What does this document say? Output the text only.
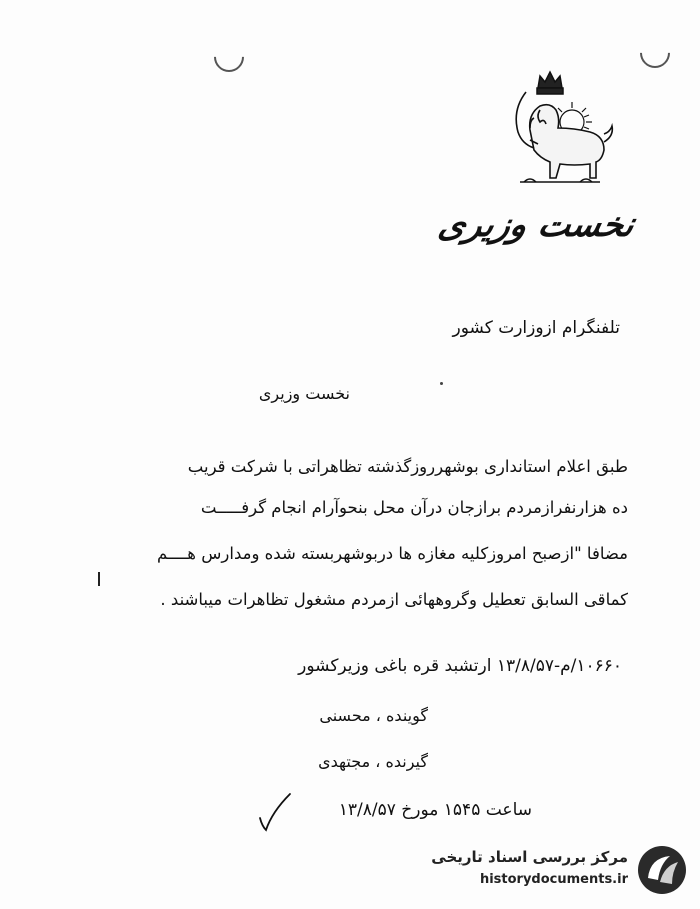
نخست وزیری
تلفنگرام ازوزارت کشور
نخست وزیری
طبق اعلام استانداری بوشهرروزگذشته تظاهراتی با شرکت قریب
ده هزارنفرازمردم برازجان درآن محل بنحوآرام انجام گرفـــــت
مضافا "ازصبح امروزکلیه مغازه ها دربوشهربسته شده ومدارس هــــم
کماقی السابق تعطیل وگروههائی ازمردم مشغول تظاهرات میباشند .
۱۰۶۶۰/م-۱۳/۸/۵۷ ارتشبد قره باغی وزیرکشور
گوینده ، محسنی
گیرنده ، مجتهدی
ساعت ۱۵۴۵ مورخ ۱۳/۸/۵۷
مرکز بررسی اسناد تاریخی
historydocuments.ir
